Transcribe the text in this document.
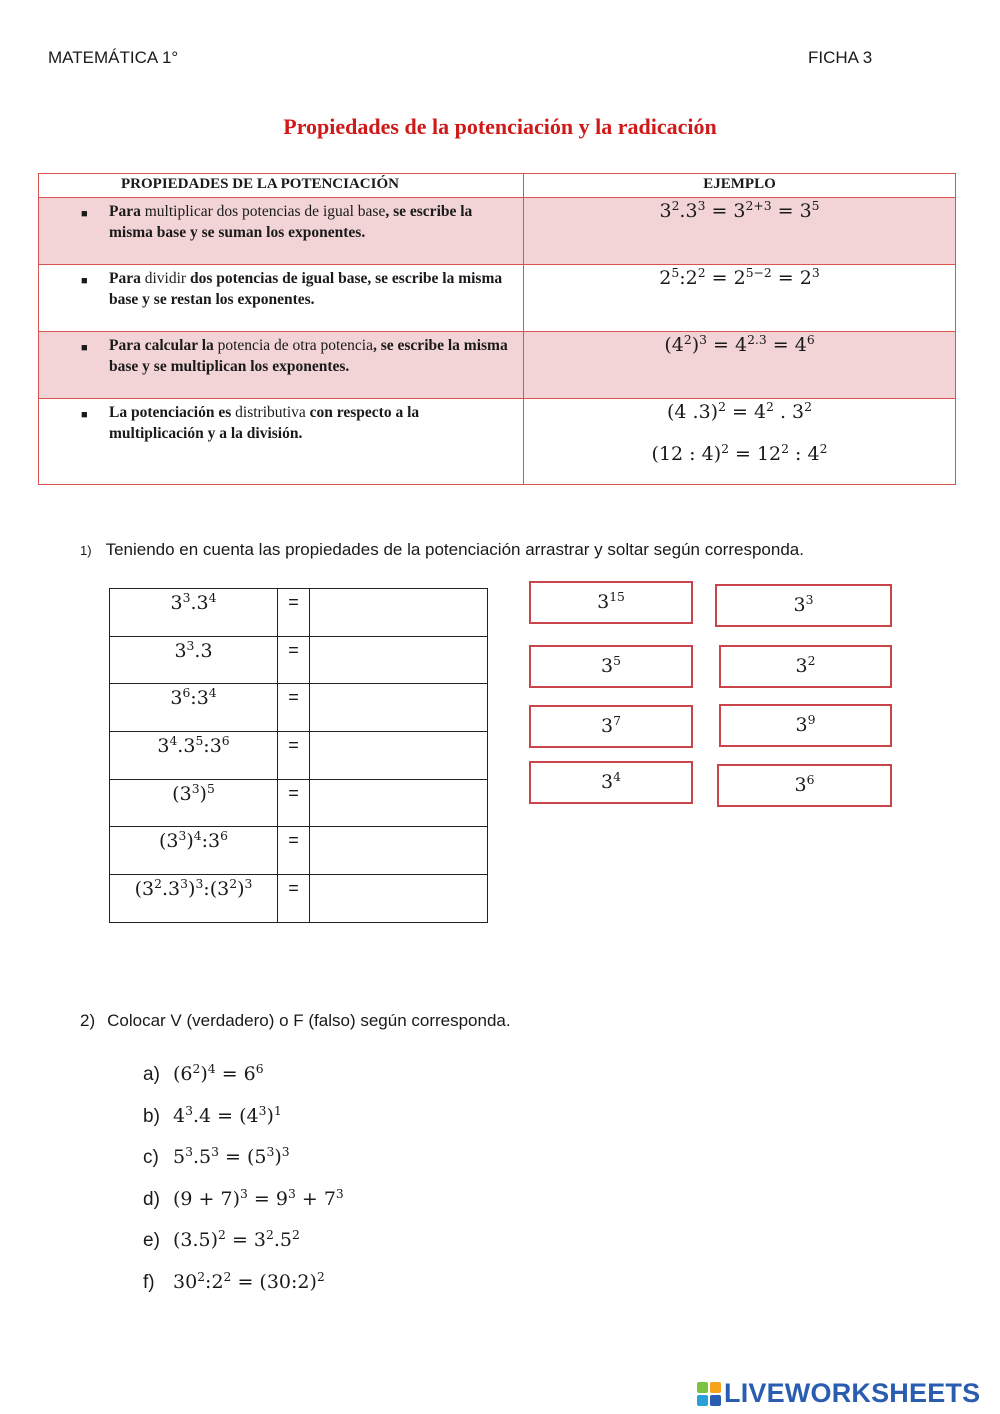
MATEMÁTICA 1°	FICHA 3
Propiedades de la potenciación y la radicación
PROPIEDADES DE LA POTENCIACIÓN	EJEMPLO

■ Para multiplicar dos potencias de igual base, se escribe la misma base y se suman los exponentes.	$3^2.3^3 = 3^{2+3} = 3^5$

■ Para dividir dos potencias de igual base, se escribe la misma base y se restan los exponentes.	$2^5:2^2 = 2^{5-2} = 2^3$

■ Para calcular la potencia de otra potencia, se escribe la misma base y se multiplican los exponentes.	$(4^2)^3 = 4^{2.3} = 4^6$

■ La potenciación es distributiva con respecto a la multiplicación y a la división.	(4 $.3)^2 = 4^2$ . $3^2$
(12 : $4)^2 = 12^2$ : $4^2$
1) Teniendo en cuenta las propiedades de la potenciación arrastrar y soltar según corresponda.
$3^3.3^4$	=	
$3^3.3$	=	
$3^6:3^4$	=	
$3^4.3^5:3^6$	=	
$(3^3)^5$	=	
$(3^3)^4:3^6$	=	
$(3^2.3^3)^3:(3^2)^3$	=	
$3^{15}$	$3^3$
$3^5$	$3^2$
$3^7$	$3^9$
$3^4$	$3^6$
2) Colocar V (verdadero) o F (falso) según corresponda.
a) $(6^2)^4 = 6^6$
b) $4^3.4 = (4^3)^1$
c) $5^3.5^3 = (5^3)^3$
d) $(9 + 7)^3 = 9^3 + 7^3$
e) $(3.5)^2 = 3^2.5^2$
f) $30^2:2^2$ = (30:2)$^2$
LIVEWORKSHEETS
